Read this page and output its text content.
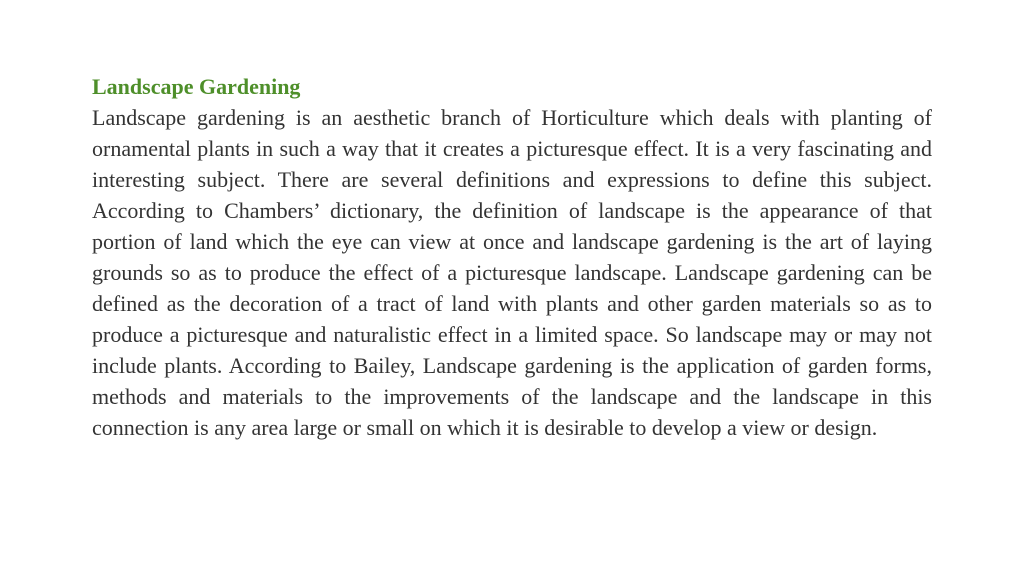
Landscape Gardening

Landscape gardening is an aesthetic branch of Horticulture which deals with planting of ornamental plants in such a way that it creates a picturesque effect. It is a very fascinating and interesting subject. There are several definitions and expressions to define this subject. According to Chambers’ dictionary, the definition of landscape is the appearance of that portion of land which the eye can view at once and landscape gardening is the art of laying grounds so as to produce the effect of a picturesque landscape. Landscape gardening can be defined as the decoration of a tract of land with plants and other garden materials so as to produce a picturesque and naturalistic effect in a limited space. So landscape may or may not include plants. According to Bailey, Landscape gardening is the application of garden forms, methods and materials to the improvements of the landscape and the landscape in this connection is any area large or small on which it is desirable to develop a view or design.
